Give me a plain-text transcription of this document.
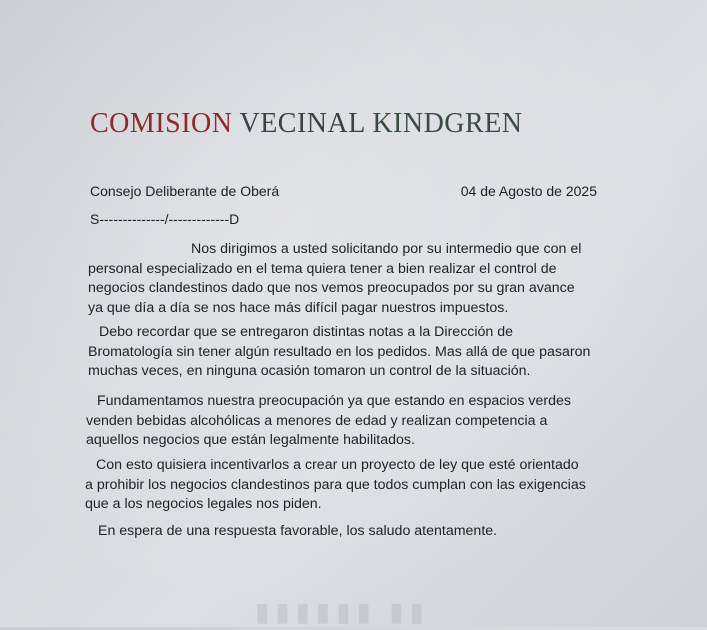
COMISION VECINAL KINDGREN
Consejo Deliberante de Oberá	04 de Agosto de 2025
S--------------/-------------D
Nos dirigimos a usted solicitando por su intermedio que con el
personal especializado en el tema quiera tener a bien realizar el control de
negocios clandestinos dado que nos vemos preocupados por su gran avance
ya que día a día se nos hace más difícil pagar nuestros impuestos.
Debo recordar que se entregaron distintas notas a la Dirección de
Bromatología sin tener algún resultado en los pedidos. Mas allá de que pasaron
muchas veces, en ninguna ocasión tomaron un control de la situación.
Fundamentamos nuestra preocupación ya que estando en espacios verdes
venden bebidas alcohólicas a menores de edad y realizan competencia a
aquellos negocios que están legalmente habilitados.
Con esto quisiera incentivarlos a crear un proyecto de ley que esté orientado
a prohibir los negocios clandestinos para que todos cumplan con las exigencias
que a los negocios legales nos piden.
En espera de una respuesta favorable, los saludo atentamente.
▮▮▮▮▮▮ ▮▮
